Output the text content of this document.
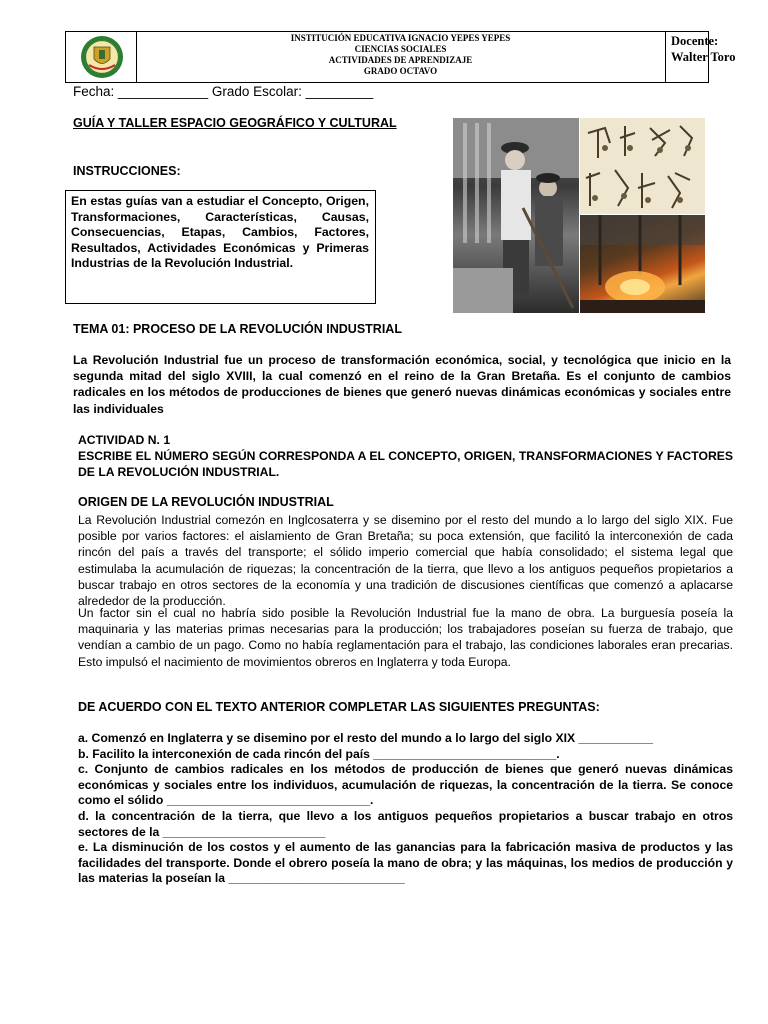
INSTITUCIÓN EDUCATIVA IGNACIO YEPES YEPES
CIENCIAS SOCIALES
ACTIVIDADES DE APRENDIZAJE
GRADO OCTAVO
Docente:
Walter Toro
Fecha: ____________ Grado Escolar: _________
GUÍA Y TALLER ESPACIO GEOGRÁFICO Y CULTURAL
INSTRUCCIONES:
En estas guías van a estudiar el Concepto, Origen, Transformaciones, Características, Causas, Consecuencias, Etapas, Cambios, Factores, Resultados, Actividades Económicas y Primeras Industrias de la Revolución Industrial.
TEMA 01: PROCESO DE LA REVOLUCIÓN INDUSTRIAL
La Revolución Industrial fue un proceso de transformación económica, social, y tecnológica que inicio en la segunda mitad del siglo XVIII, la cual comenzó en el reino de la Gran Bretaña. Es el conjunto de cambios radicales en los métodos de producciones de bienes que generó nuevas dinámicas económicas y sociales entre las individuales
ACTIVIDAD N. 1
ESCRIBE EL NÚMERO SEGÚN CORRESPONDA A EL CONCEPTO, ORIGEN, TRANSFORMACIONES Y FACTORES DE LA REVOLUCIÓN INDUSTRIAL.
ORIGEN DE LA REVOLUCIÓN INDUSTRIAL
La Revolución Industrial comezón en Inglcosaterra y se disemino por el resto del mundo a lo largo del siglo XIX. Fue posible por varios factores: el aislamiento de Gran Bretaña; su poca extensión, que facilitó la interconexión de cada rincón del país a través del transporte; el sólido imperio comercial que había consolidado; el sistema legal que estimulaba la acumulación de riquezas; la concentración de la tierra, que llevo a los antiguos pequeños propietarios a buscar trabajo en otros sectores de la economía y una tradición de discusiones científicas que comenzó a aplacarse alrededor de la producción.
Un factor sin el cual no habría sido posible la Revolución Industrial fue la mano de obra. La burguesía poseía la maquinaria y las materias primas necesarias para la producción; los trabajadores poseían su fuerza de trabajo, que vendían a cambio de un pago. Como no había reglamentación para el trabajo, las condiciones laborales eran precarias. Esto impulsó el nacimiento de movimientos obreros en Inglaterra y toda Europa.
DE ACUERDO CON EL TEXTO ANTERIOR COMPLETAR LAS SIGUIENTES PREGUNTAS:

a. Comenzó en Inglaterra y se disemino por el resto del mundo a lo largo del siglo XIX ___________

b. Facilito la interconexión de cada rincón del país ___________________________.

c. Conjunto de cambios radicales en los métodos de producción de bienes que generó nuevas dinámicas económicas y sociales entre los individuos, acumulación de riquezas, la concentración de la tierra. Se conoce como el sólido ______________________________.

d. la concentración de la tierra, que llevo a los antiguos pequeños propietarios a buscar trabajo en otros sectores de la ________________________

e. La disminución de los costos y el aumento de las ganancias para la fabricación masiva de productos y las facilidades del transporte. Donde el obrero poseía la mano de obra; y las máquinas, los medios de producción y las materias la poseían la __________________________
